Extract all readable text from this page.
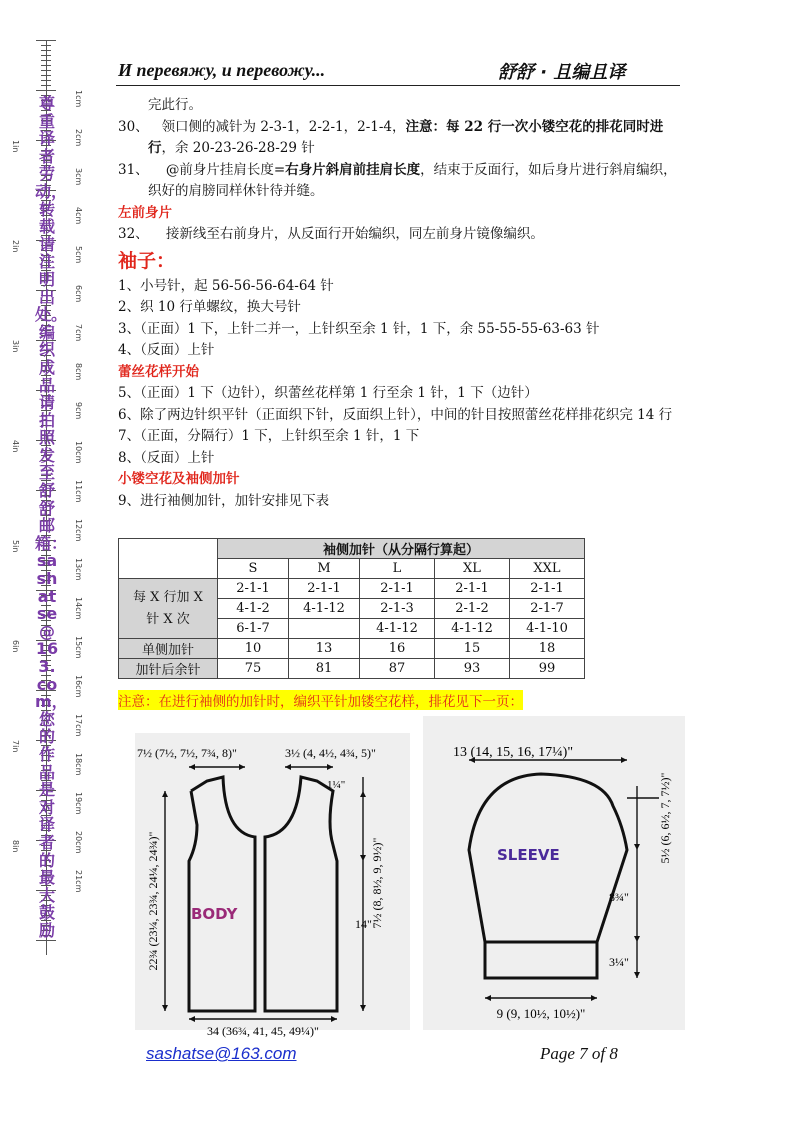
1cm
2cm
3cm
4cm
5cm
6cm
7cm
8cm
9cm
10cm
11cm
12cm
13cm
14cm
15cm
16cm
17cm
18cm
19cm
20cm
21cm
1in
2in
3in
4in
5in
6in
7in
8in
尊重译者劳动，转载请注明出处。编织成品请拍照发至舒舒邮箱：sashatse@163.com，您的作品是对译者的最大鼓励
И перевяжу, и перевожу...	舒舒 · 且编且译

完此行。

30、 领口侧的减针为 2-3-1，2-2-1，2-1-4，注意：每 22 行一次小镂空花的排花同时进行，余 20-23-26-28-29 针

31、 @前身片挂肩长度=右身片斜肩前挂肩长度，结束于反面行，如后身片进行斜肩编织，织好的肩膀同样休针待并缝。

左前身片

32、 接新线至右前身片，从反面行开始编织，同左前身片镜像编织。

袖子：

1、小号针，起 56-56-56-64-64 针

2、织 10 行单螺纹，换大号针

3、（正面）1 下，上针二并一，上针织至余 1 针，1 下，余 55-55-55-63-63 针

4、（反面）上针

蕾丝花样开始

5、（正面）1 下（边针），织蕾丝花样第 1 行至余 1 针，1 下（边针）

6、除了两边针织平针（正面织下针，反面织上针），中间的针目按照蕾丝花样排花织完 14 行

7、（正面，分隔行）1 下，上针织至余 1 针，1 下

8、（反面）上针

小镂空花及袖侧加针

9、进行袖侧加针，加针安排见下表

	袖侧加针（从分隔行算起）				
	S	M	L	XL	XXL
每 X 行加 X 针 X 次	2-1-1	2-1-1	2-1-1	2-1-1	2-1-1
	4-1-2	4-1-12	2-1-3	2-1-2	2-1-7
	6-1-7		4-1-12	4-1-12	4-1-10
单侧加针	10	13	16	15	18
加针后余针	75	81	87	93	99
注意：在进行袖侧的加针时，编织平针加镂空花样，排花见下一页：
BODY
7½ (7½, 7½, 7¾, 8)"	3½ (4, 4½, 4¾, 5)"
1¼"
14"
34 (36¾, 41, 45, 49¼)"
7½ (8, 8½, 9, 9½)"
22¾ (23¼, 23¾, 24¼, 24¾)"	SLEEVE
13 (14, 15, 16, 17¼)"
8¾"
3¼"
9 (9, 10½, 10½)"
5½ (6, 6½, 7, 7½)"
sashatse@163.com	Page 7 of 8
